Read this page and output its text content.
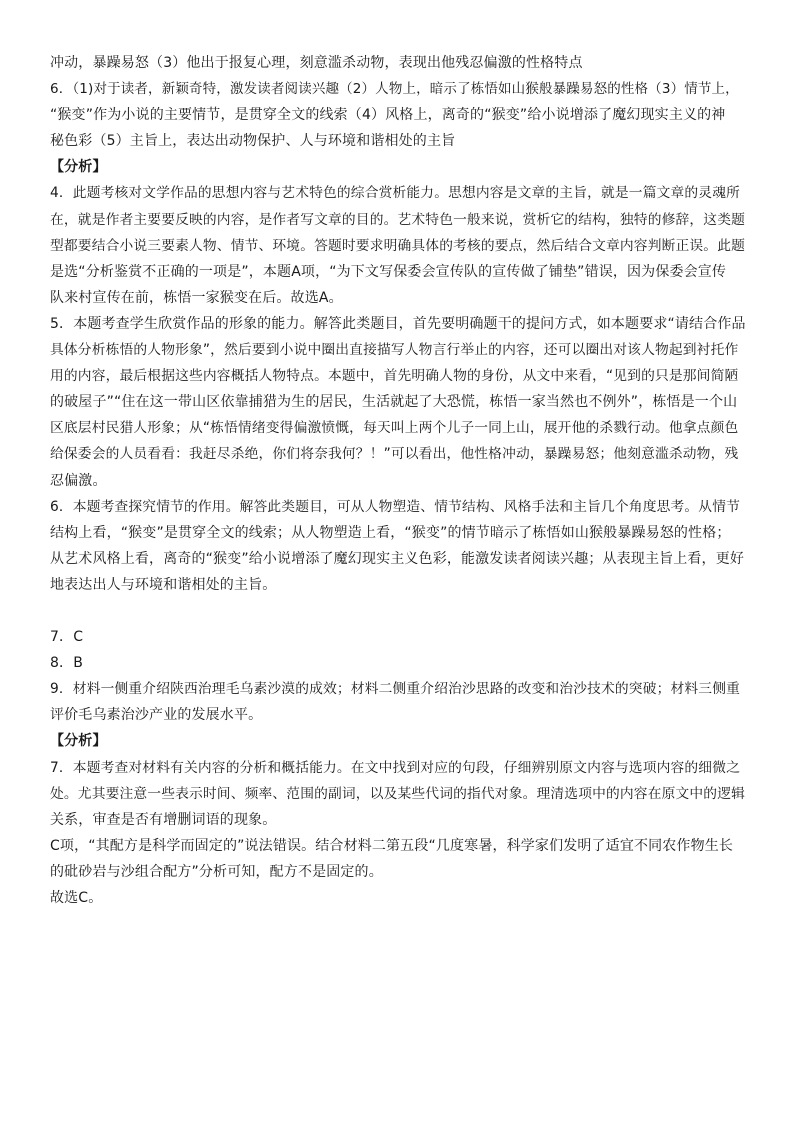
冲动，暴躁易怒（3）他出于报复心理，刻意滥杀动物，表现出他残忍偏激的性格特点
6．（1)对于读者，新颖奇特，激发读者阅读兴趣（2）人物上，暗示了栋悟如山猴般暴躁易怒的性格（3）情节上，
“猴变”作为小说的主要情节，是贯穿全文的线索（4）风格上，离奇的“猴变”给小说增添了魔幻现实主义的神
秘色彩（5）主旨上，表达出动物保护、人与环境和谐相处的主旨
【分析】
4．此题考核对文学作品的思想内容与艺术特色的综合赏析能力。思想内容是文章的主旨，就是一篇文章的灵魂所
在，就是作者主要要反映的内容，是作者写文章的目的。艺术特色一般来说，赏析它的结构，独特的修辞，这类题
型都要结合小说三要素人物、情节、环境。答题时要求明确具体的考核的要点，然后结合文章内容判断正误。此题
是选“分析鉴赏不正确的一项是”，本题A项，“为下文写保委会宣传队的宣传做了铺垫”错误，因为保委会宣传
队来村宣传在前，栋悟一家猴变在后。故选A。
5．本题考查学生欣赏作品的形象的能力。解答此类题目，首先要明确题干的提问方式，如本题要求“请结合作品
具体分析栋悟的人物形象”，然后要到小说中圈出直接描写人物言行举止的内容，还可以圈出对该人物起到衬托作
用的内容，最后根据这些内容概括人物特点。本题中，首先明确人物的身份，从文中来看，“见到的只是那间简陋
的破屋子”“住在这一带山区依靠捕猎为生的居民，生活就起了大恐慌，栋悟一家当然也不例外”，栋悟是一个山
区底层村民猎人形象；从“栋悟情绪变得偏激愤慨，每天叫上两个儿子一同上山，展开他的杀戮行动。他拿点颜色
给保委会的人员看看：我赶尽杀绝，你们将奈我何？！”可以看出，他性格冲动，暴躁易怒；他刻意滥杀动物，残
忍偏激。
6．本题考查探究情节的作用。解答此类题目，可从人物塑造、情节结构、风格手法和主旨几个角度思考。从情节
结构上看，“猴变”是贯穿全文的线索；从人物塑造上看，“猴变”的情节暗示了栋悟如山猴般暴躁易怒的性格；
从艺术风格上看，离奇的“猴变”给小说增添了魔幻现实主义色彩，能激发读者阅读兴趣；从表现主旨上看，更好
地表达出人与环境和谐相处的主旨。
7．C
8．B
9．材料一侧重介绍陕西治理毛乌素沙漠的成效；材料二侧重介绍治沙思路的改变和治沙技术的突破；材料三侧重
评价毛乌素治沙产业的发展水平。
【分析】
7．本题考查对材料有关内容的分析和概括能力。在文中找到对应的句段，仔细辨别原文内容与选项内容的细微之
处。尤其要注意一些表示时间、频率、范围的副词，以及某些代词的指代对象。理清选项中的内容在原文中的逻辑
关系，审查是否有增删词语的现象。
C项，“其配方是科学而固定的”说法错误。结合材料二第五段“几度寒暑，科学家们发明了适宜不同农作物生长
的砒砂岩与沙组合配方”分析可知，配方不是固定的。
故选C。
